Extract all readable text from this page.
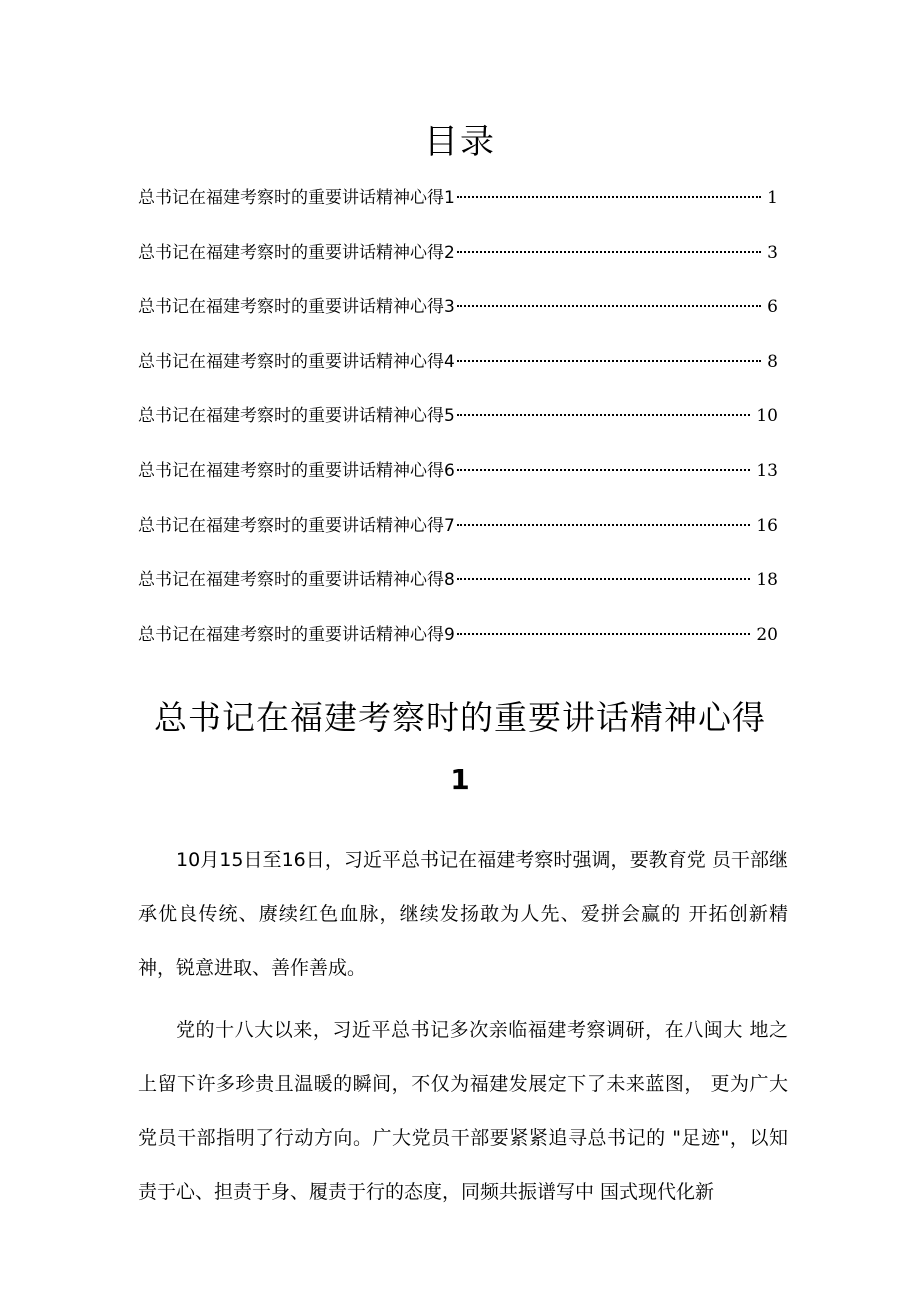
目录
总书记在福建考察时的重要讲话精神心得1	1
总书记在福建考察时的重要讲话精神心得2	3
总书记在福建考察时的重要讲话精神心得3	6
总书记在福建考察时的重要讲话精神心得4	8
总书记在福建考察时的重要讲话精神心得5	10
总书记在福建考察时的重要讲话精神心得6	13
总书记在福建考察时的重要讲话精神心得7	16
总书记在福建考察时的重要讲话精神心得8	18
总书记在福建考察时的重要讲话精神心得9	20
总书记在福建考察时的重要讲话精神心得
1

10月15日至16日，习近平总书记在福建考察时强调，要教育党 员干部继承优良传统、赓续红色血脉，继续发扬敢为人先、爱拼会赢的 开拓创新精神，锐意进取、善作善成。

党的十八大以来，习近平总书记多次亲临福建考察调研，在八闽大 地之上留下许多珍贵且温暖的瞬间，不仅为福建发展定下了未来蓝图， 更为广大党员干部指明了行动方向。广大党员干部要紧紧追寻总书记的 "足迹"，以知责于心、担责于身、履责于行的态度，同频共振谱写中 国式现代化新
